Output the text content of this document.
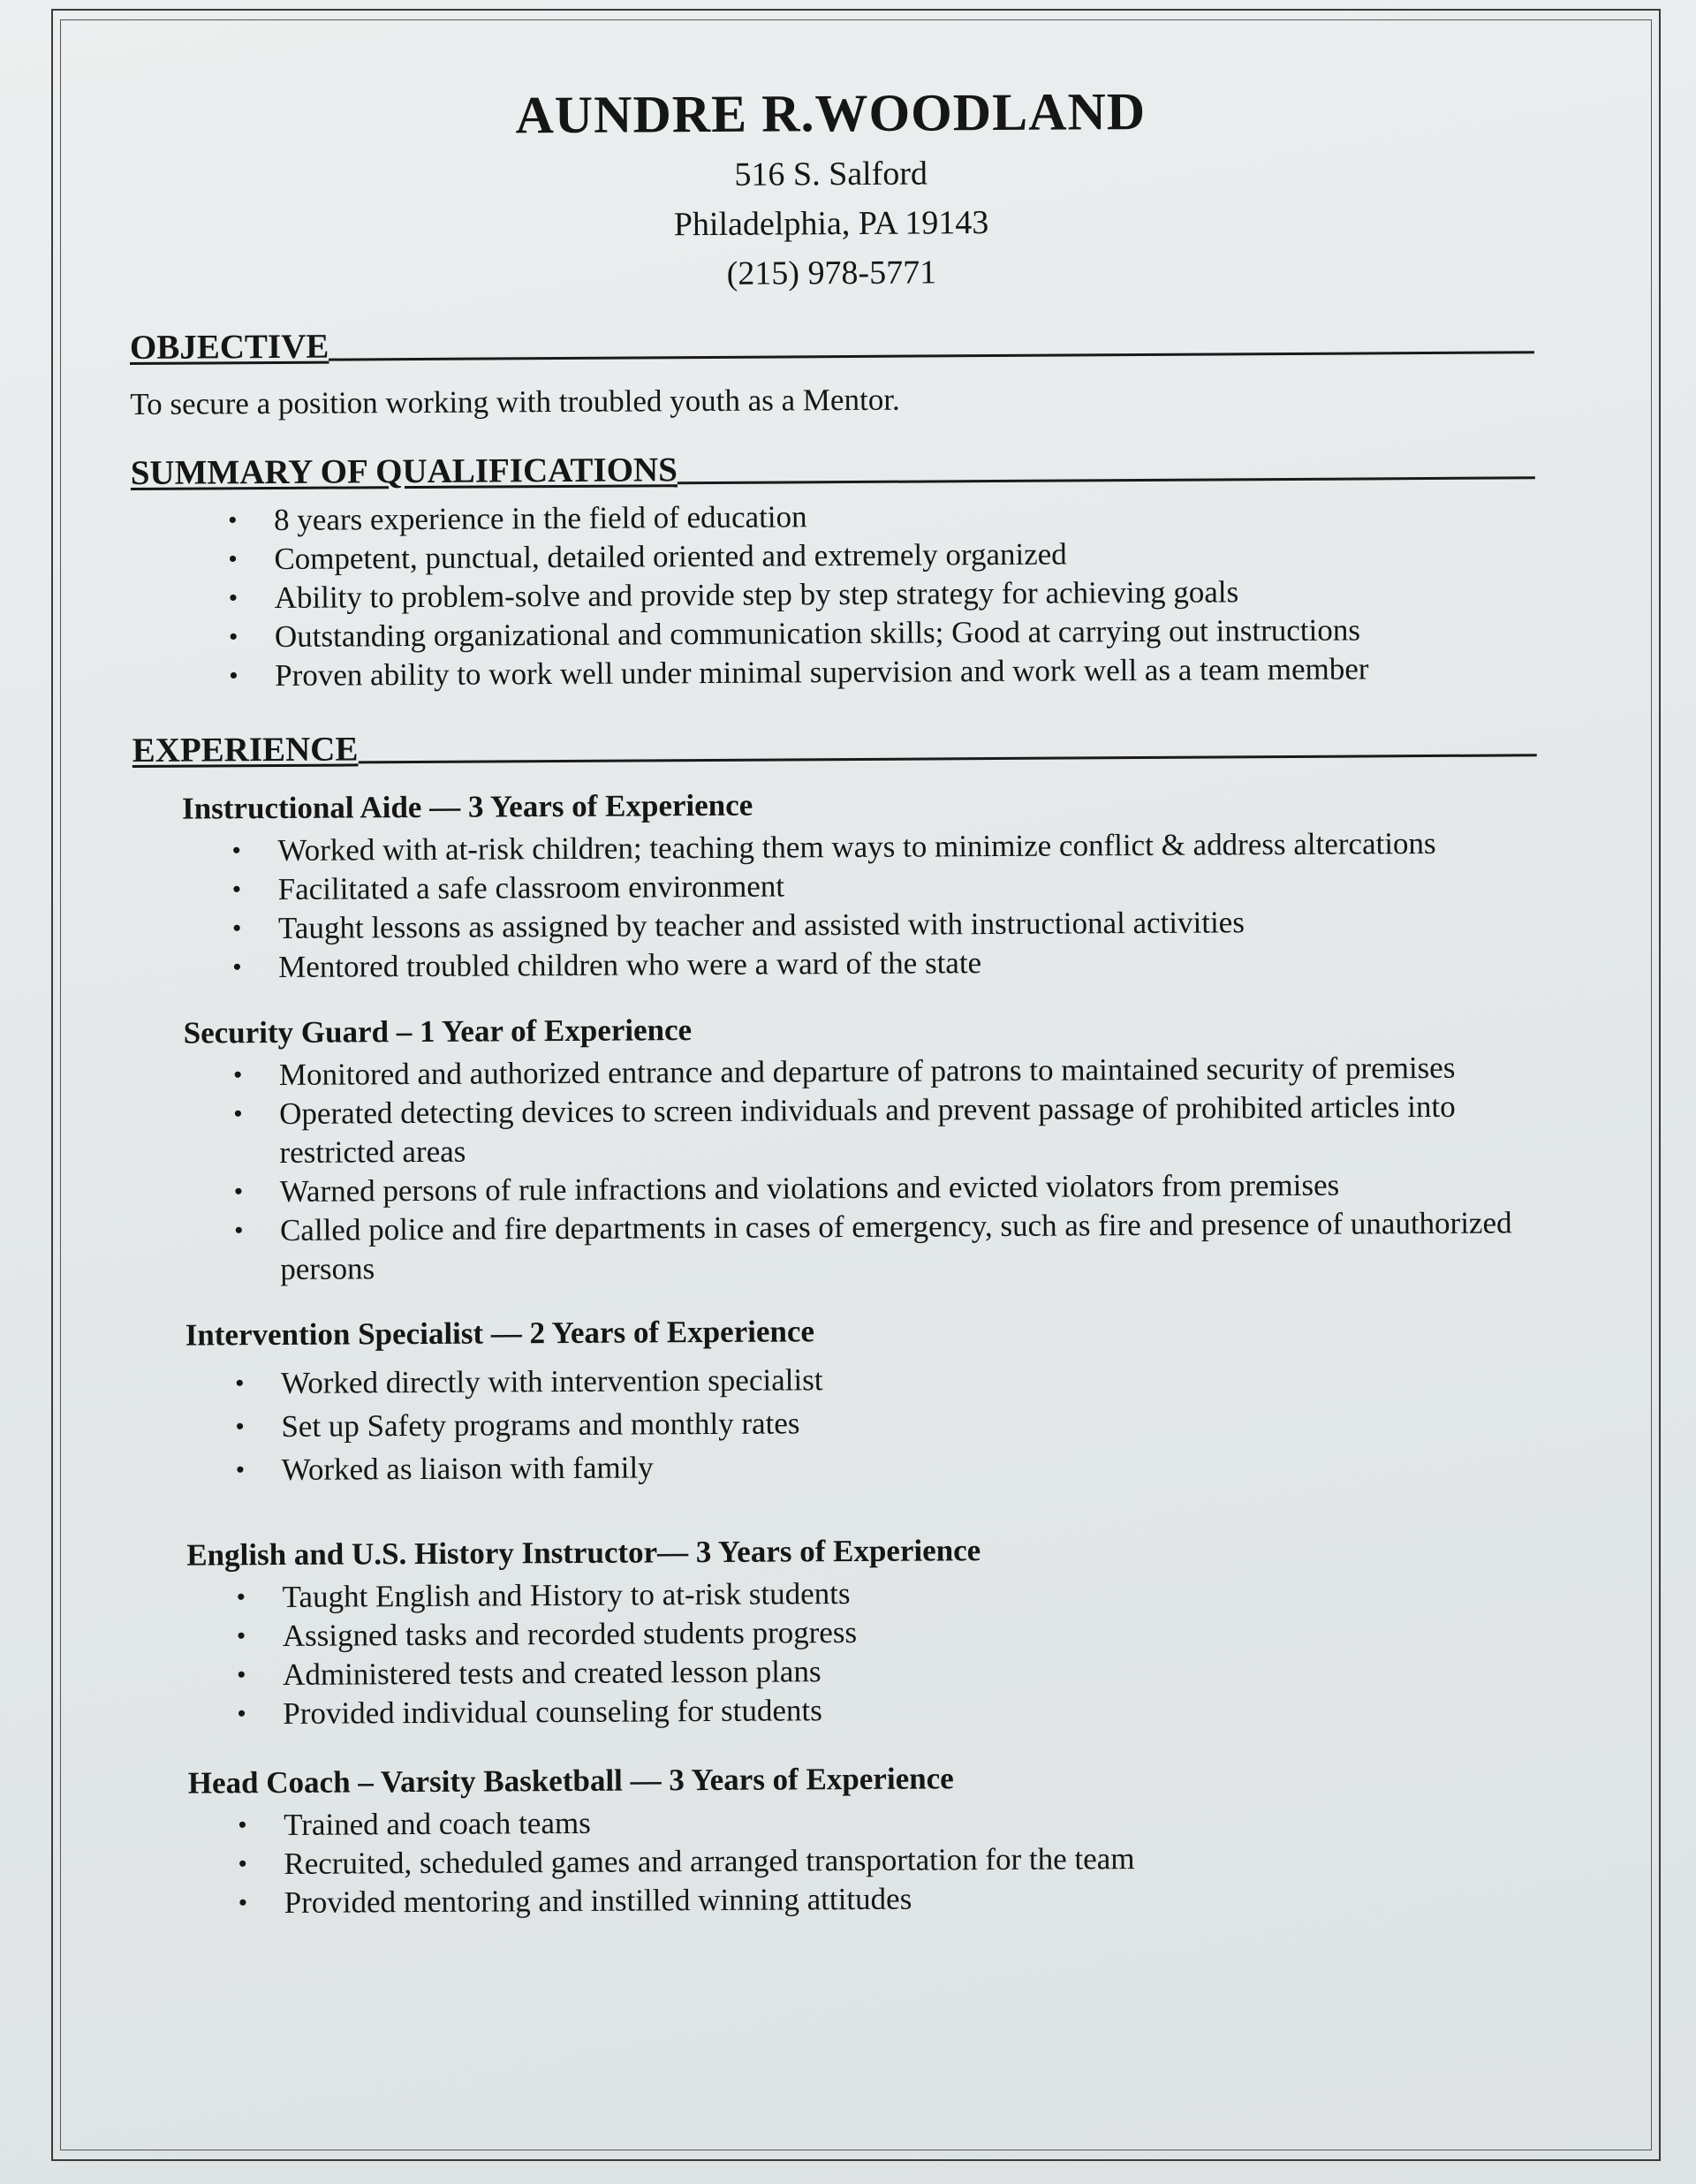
AUNDRE R.WOODLAND
516 S. Salford
Philadelphia, PA 19143
(215) 978-5771
OBJECTIVE
To secure a position working with troubled youth as a Mentor.
SUMMARY OF QUALIFICATIONS
• 8 years experience in the field of education
• Competent, punctual, detailed oriented and extremely organized
• Ability to problem-solve and provide step by step strategy for achieving goals
• Outstanding organizational and communication skills; Good at carrying out instructions
• Proven ability to work well under minimal supervision and work well as a team member
EXPERIENCE
Instructional Aide — 3 Years of Experience
• Worked with at-risk children; teaching them ways to minimize conflict & address altercations
• Facilitated a safe classroom environment
• Taught lessons as assigned by teacher and assisted with instructional activities
• Mentored troubled children who were a ward of the state
Security Guard – 1 Year of Experience
• Monitored and authorized entrance and departure of patrons to maintained security of premises
• Operated detecting devices to screen individuals and prevent passage of prohibited articles into restricted areas
• Warned persons of rule infractions and violations and evicted violators from premises
• Called police and fire departments in cases of emergency, such as fire and presence of unauthorized persons
Intervention Specialist — 2 Years of Experience
• Worked directly with intervention specialist
• Set up Safety programs and monthly rates
• Worked as liaison with family
English and U.S. History Instructor— 3 Years of Experience
• Taught English and History to at-risk students
• Assigned tasks and recorded students progress
• Administered tests and created lesson plans
• Provided individual counseling for students
Head Coach – Varsity Basketball — 3 Years of Experience
• Trained and coach teams
• Recruited, scheduled games and arranged transportation for the team
• Provided mentoring and instilled winning attitudes
